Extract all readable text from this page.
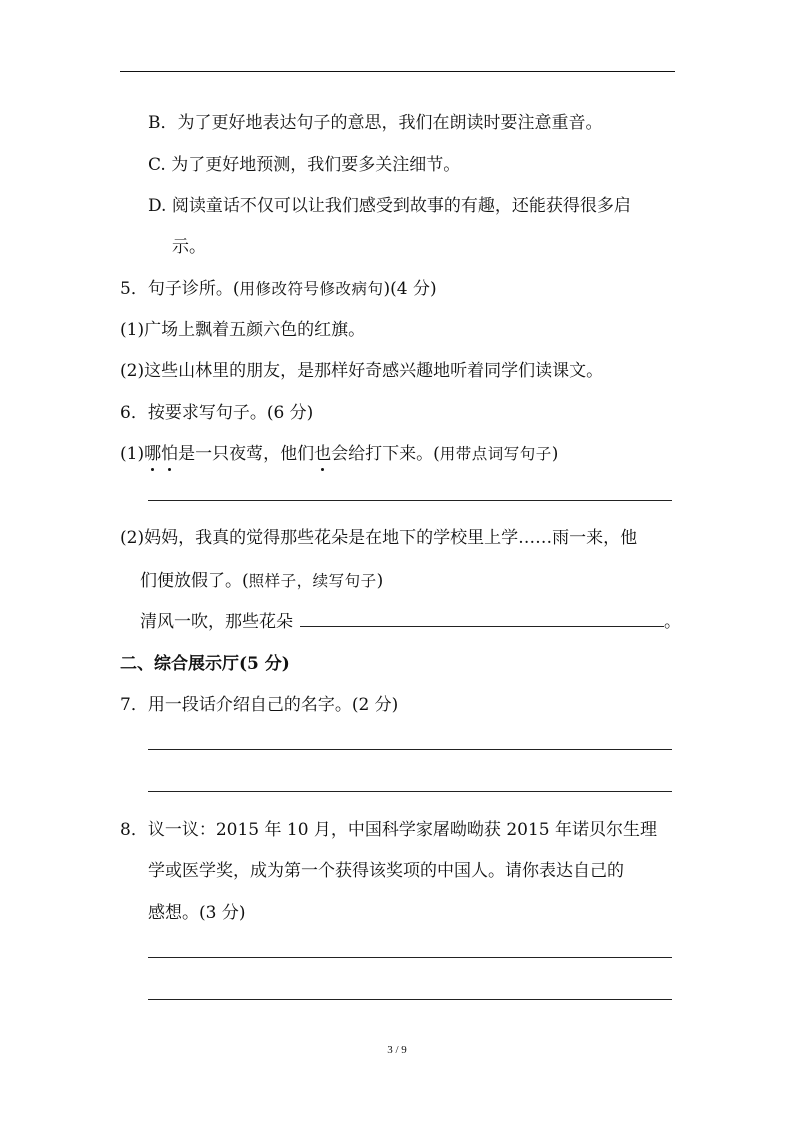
B．为了更好地表达句子的意思，我们在朗读时要注意重音。
C. 为了更好地预测，我们要多关注细节。
D. 阅读童话不仅可以让我们感受到故事的有趣，还能获得很多启
示。
5．句子诊所。(用修改符号修改病句)(4 分)
(1)广场上飘着五颜六色的红旗。
(2)这些山林里的朋友，是那样好奇感兴趣地听着同学们读课文。
6．按要求写句子。(6 分)
(1)哪怕是一只夜莺，他们也会给打下来。(用带点词写句子)
(2)妈妈，我真的觉得那些花朵是在地下的学校里上学……雨一来，他
们便放假了。(照样子，续写句子)
清风一吹，那些花朵	。
二、综合展示厅(5 分)
7．用一段话介绍自己的名字。(2 分)
8．议一议：2015 年 10 月，中国科学家屠呦呦获 2015 年诺贝尔生理
学或医学奖，成为第一个获得该奖项的中国人。请你表达自己的
感想。(3 分)
3 / 9
